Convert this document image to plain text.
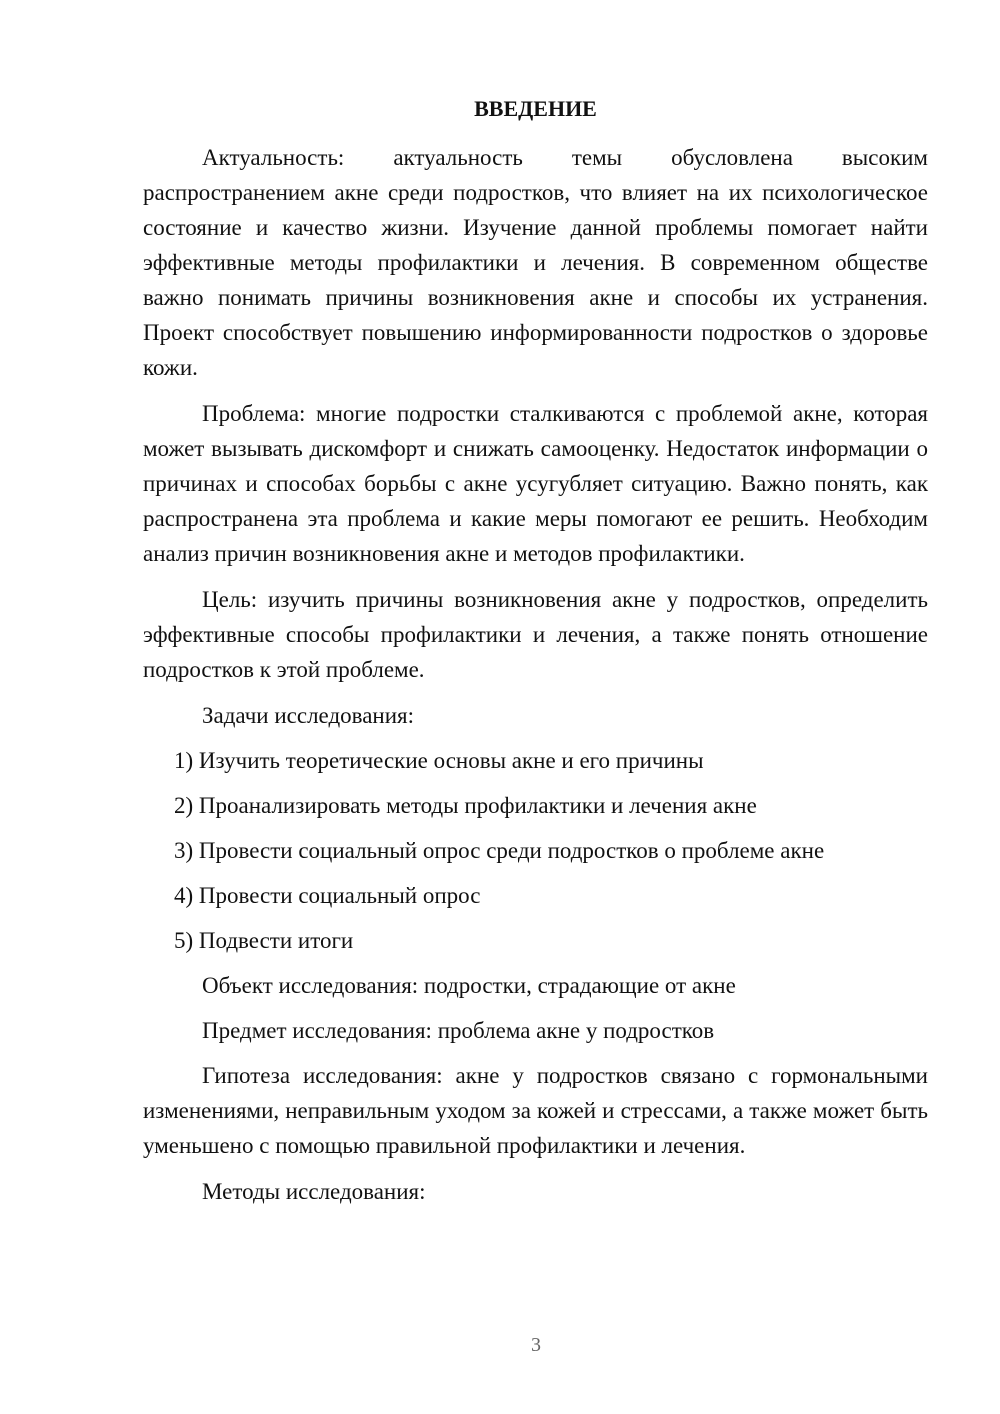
ВВЕДЕНИЕ

Актуальность: актуальность темы обусловлена высоким распространением акне среди подростков, что влияет на их психологическое состояние и качество жизни. Изучение данной проблемы помогает найти эффективные методы профилактики и лечения. В современном обществе важно понимать причины возникновения акне и способы их устранения. Проект способствует повышению информированности подростков о здоровье кожи.

Проблема: многие подростки сталкиваются с проблемой акне, которая может вызывать дискомфорт и снижать самооценку. Недостаток информации о причинах и способах борьбы с акне усугубляет ситуацию. Важно понять, как распространена эта проблема и какие меры помогают ее решить. Необходим анализ причин возникновения акне и методов профилактики.

Цель: изучить причины возникновения акне у подростков, определить эффективные способы профилактики и лечения, а также понять отношение подростков к этой проблеме.

Задачи исследования:
1) Изучить теоретические основы акне и его причины
2) Проанализировать методы профилактики и лечения акне
3) Провести социальный опрос среди подростков о проблеме акне
4) Провести социальный опрос
5) Подвести итоги
Объект исследования: подростки, страдающие от акне
Предмет исследования: проблема акне у подростков

Гипотеза исследования: акне у подростков связано с гормональными изменениями, неправильным уходом за кожей и стрессами, а также может быть уменьшено с помощью правильной профилактики и лечения.

Методы исследования:
3
